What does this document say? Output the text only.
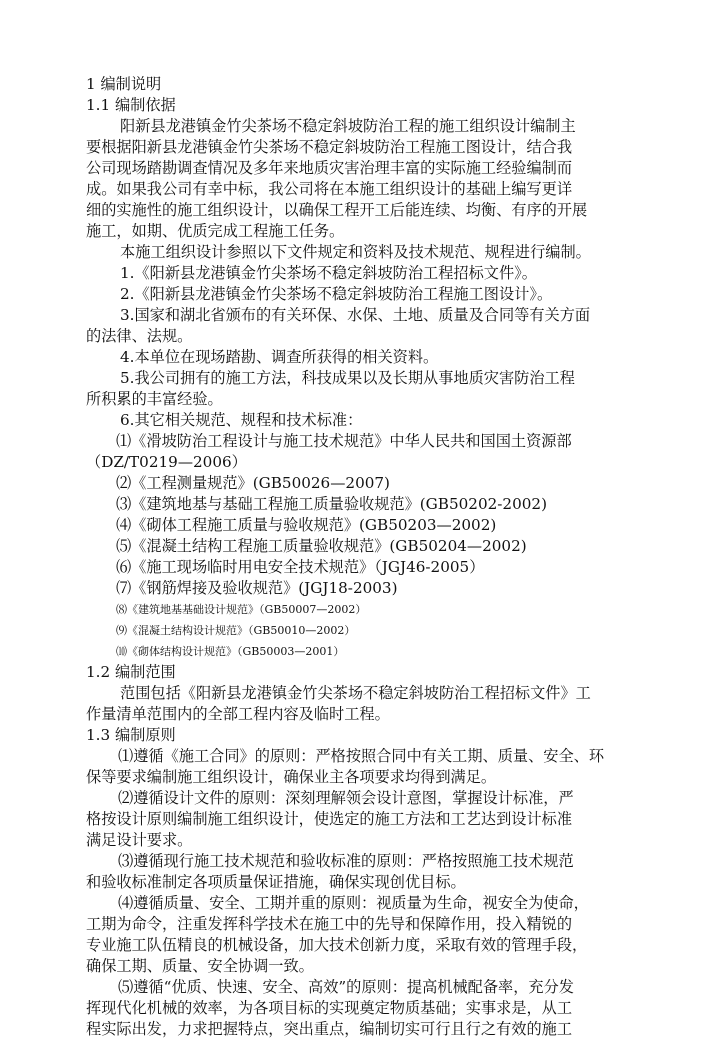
1 编制说明
1.1 编制依据
阳新县龙港镇金竹尖茶场不稳定斜坡防治工程的施工组织设计编制主
要根据阳新县龙港镇金竹尖茶场不稳定斜坡防治工程施工图设计，结合我
公司现场踏勘调查情况及多年来地质灾害治理丰富的实际施工经验编制而
成。如果我公司有幸中标，我公司将在本施工组织设计的基础上编写更详
细的实施性的施工组织设计，以确保工程开工后能连续、均衡、有序的开展
施工，如期、优质完成工程施工任务。
本施工组织设计参照以下文件规定和资料及技术规范、规程进行编制。
1.《阳新县龙港镇金竹尖茶场不稳定斜坡防治工程招标文件》。
2.《阳新县龙港镇金竹尖茶场不稳定斜坡防治工程施工图设计》。
3.国家和湖北省颁布的有关环保、水保、土地、质量及合同等有关方面
的法律、法规。
4.本单位在现场踏勘、调查所获得的相关资料。
5.我公司拥有的施工方法，科技成果以及长期从事地质灾害防治工程
所积累的丰富经验。
6.其它相关规范、规程和技术标准：
⑴《滑坡防治工程设计与施工技术规范》中华人民共和国国土资源部
（DZ/T0219—2006）
⑵《工程测量规范》(GB50026—2007)
⑶《建筑地基与基础工程施工质量验收规范》(GB50202-2002)
⑷《砌体工程施工质量与验收规范》(GB50203—2002)
⑸《混凝土结构工程施工质量验收规范》(GB50204—2002)
⑹《施工现场临时用电安全技术规范》（JGJ46-2005）
⑺《钢筋焊接及验收规范》(JGJ18-2003)
⑻《建筑地基基础设计规范》（GB50007—2002）
⑼《混凝土结构设计规范》（GB50010—2002）
⑽《砌体结构设计规范》（GB50003—2001）
1.2 编制范围
范围包括《阳新县龙港镇金竹尖茶场不稳定斜坡防治工程招标文件》工
作量清单范围内的全部工程内容及临时工程。
1.3 编制原则
⑴遵循《施工合同》的原则：严格按照合同中有关工期、质量、安全、环
保等要求编制施工组织设计，确保业主各项要求均得到满足。
⑵遵循设计文件的原则：深刻理解领会设计意图，掌握设计标准，严
格按设计原则编制施工组织设计，使选定的施工方法和工艺达到设计标准
满足设计要求。
⑶遵循现行施工技术规范和验收标准的原则：严格按照施工技术规范
和验收标准制定各项质量保证措施，确保实现创优目标。
⑷遵循质量、安全、工期并重的原则：视质量为生命，视安全为使命，
工期为命令，注重发挥科学技术在施工中的先导和保障作用，投入精锐的
专业施工队伍精良的机械设备，加大技术创新力度，采取有效的管理手段，
确保工期、质量、安全协调一致。
⑸遵循“优质、快速、安全、高效”的原则：提高机械配备率，充分发
挥现代化机械的效率，为各项目标的实现奠定物质基础；实事求是，从工
程实际出发，力求把握特点，突出重点，编制切实可行且行之有效的施工
